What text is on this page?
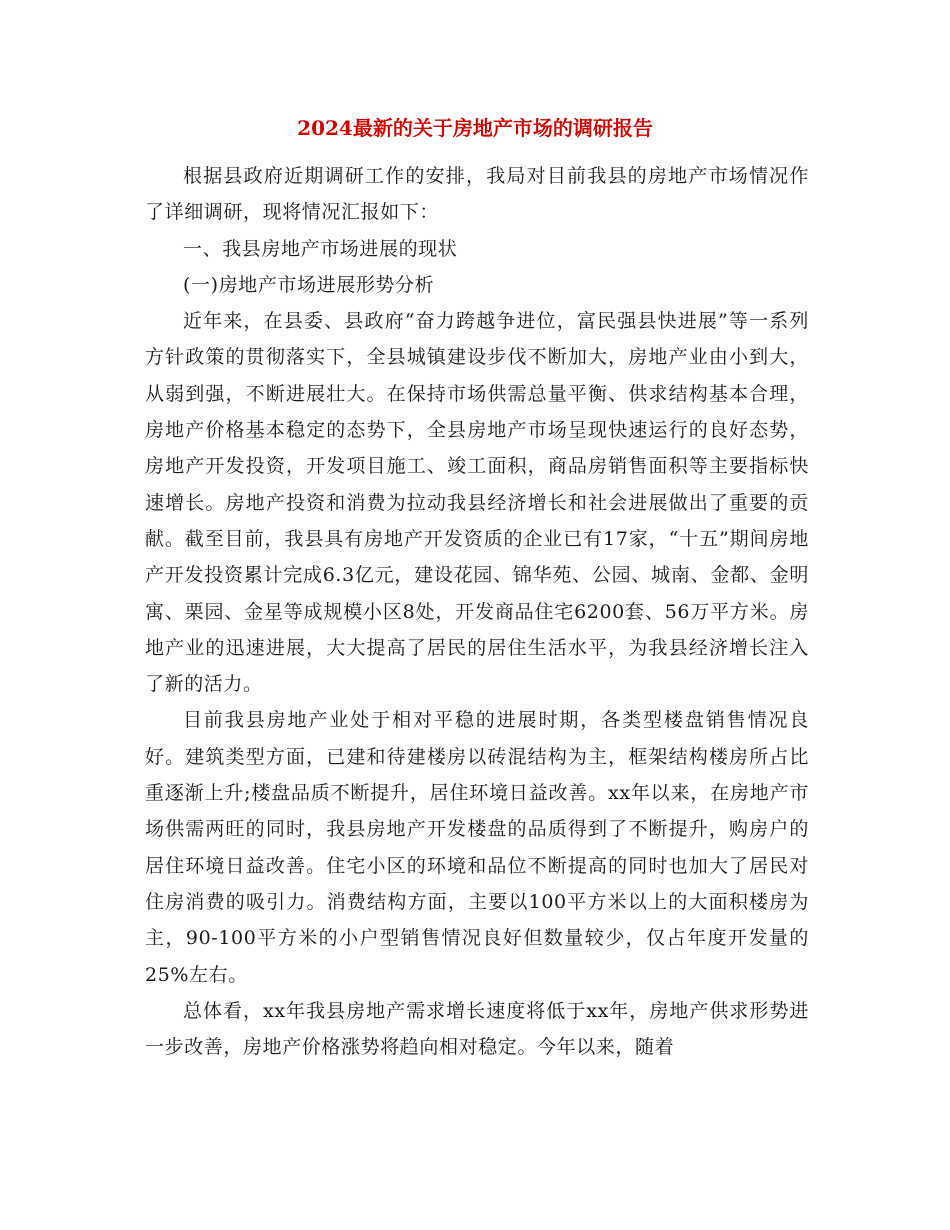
2024最新的关于房地产市场的调研报告

根据县政府近期调研工作的安排，我局对目前我县的房地产市场情况作了详细调研，现将情况汇报如下：

一、我县房地产市场进展的现状

(一)房地产市场进展形势分析

近年来，在县委、县政府“奋力跨越争进位，富民强县快进展”等一系列方针政策的贯彻落实下，全县城镇建设步伐不断加大，房地产业由小到大，从弱到强，不断进展壮大。在保持市场供需总量平衡、供求结构基本合理，房地产价格基本稳定的态势下，全县房地产市场呈现快速运行的良好态势，房地产开发投资，开发项目施工、竣工面积，商品房销售面积等主要指标快速增长。房地产投资和消费为拉动我县经济增长和社会进展做出了重要的贡献。截至目前，我县具有房地产开发资质的企业已有17家，“十五”期间房地产开发投资累计完成6.3亿元，建设花园、锦华苑、公园、城南、金都、金明寓、栗园、金星等成规模小区8处，开发商品住宅6200套、56万平方米。房地产业的迅速进展，大大提高了居民的居住生活水平，为我县经济增长注入了新的活力。

目前我县房地产业处于相对平稳的进展时期，各类型楼盘销售情况良好。建筑类型方面，已建和待建楼房以砖混结构为主，框架结构楼房所占比重逐渐上升;楼盘品质不断提升，居住环境日益改善。xx年以来，在房地产市场供需两旺的同时，我县房地产开发楼盘的品质得到了不断提升，购房户的居住环境日益改善。住宅小区的环境和品位不断提高的同时也加大了居民对住房消费的吸引力。消费结构方面，主要以100平方米以上的大面积楼房为主，90-100平方米的小户型销售情况良好但数量较少，仅占年度开发量的25%左右。

总体看，xx年我县房地产需求增长速度将低于xx年，房地产供求形势进一步改善，房地产价格涨势将趋向相对稳定。今年以来，随着
